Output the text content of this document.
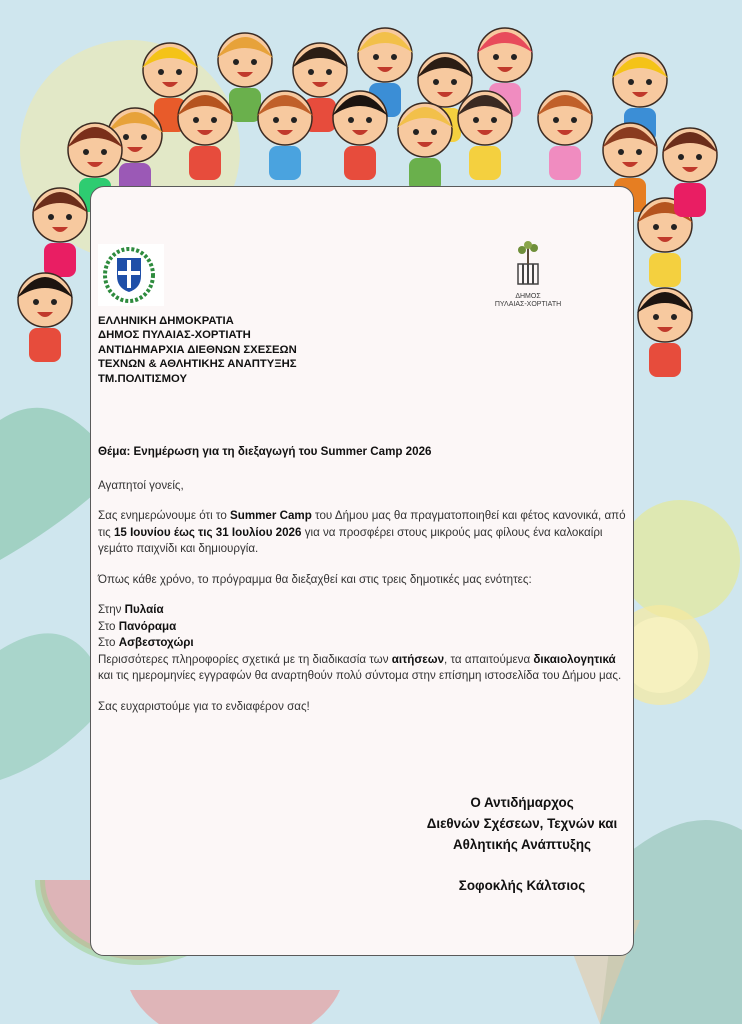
ΔΗΜΟΣ
ΠΥΛΑΙΑΣ-ΧΟΡΤΙΑΤΗ
ΕΛΛΗΝΙΚΗ ΔΗΜΟΚΡΑΤΙΑ
ΔΗΜΟΣ ΠΥΛΑΙΑΣ-ΧΟΡΤΙΑΤΗ
ΑΝΤΙΔΗΜΑΡΧΙΑ ΔΙΕΘΝΩΝ ΣΧΕΣΕΩΝ
ΤΕΧΝΩΝ & ΑΘΛΗΤΙΚΗΣ ΑΝΑΠΤΥΞΗΣ
ΤΜ.ΠΟΛΙΤΙΣΜΟΥ

Θέμα: Ενημέρωση για τη διεξαγωγή του Summer Camp 2026

Αγαπητοί γονείς,

Σας ενημερώνουμε ότι το Summer Camp του Δήμου μας θα πραγματοποιηθεί και φέτος κανονικά, από τις 15 Ιουνίου έως τις 31 Ιουλίου 2026 για να προσφέρει στους μικρούς μας φίλους ένα καλοκαίρι γεμάτο παιχνίδι και δημιουργία.

Όπως κάθε χρόνο, το πρόγραμμα θα διεξαχθεί και στις τρεις δημοτικές μας ενότητες:

Στην Πυλαία

Στο Πανόραμα

Στο Ασβεστοχώρι

Περισσότερες πληροφορίες σχετικά με τη διαδικασία των αιτήσεων, τα απαιτούμενα δικαιολογητικά και τις ημερομηνίες εγγραφών θα αναρτηθούν πολύ σύντομα στην επίσημη ιστοσελίδα του Δήμου μας.

Σας ευχαριστούμε για το ενδιαφέρον σας!

Ο Αντιδήμαρχος
Διεθνών Σχέσεων, Τεχνών και
Αθλητικής Ανάπτυξης
Σοφοκλής Κάλτσιος
